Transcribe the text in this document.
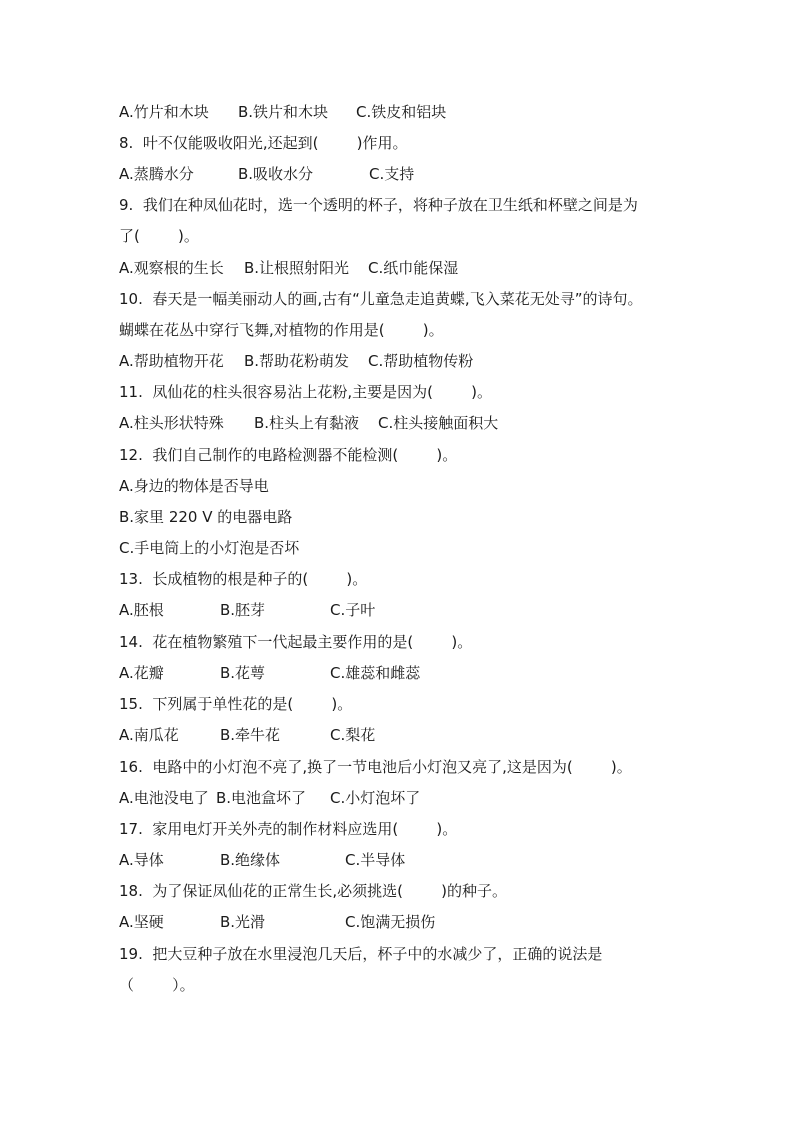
A.竹片和木块 B.铁片和木块 C.铁皮和铝块
8.  叶不仅能吸收阳光,还起到(        )作用。
A.蒸腾水分	B.吸收水分	C.支持
9.  我们在种凤仙花时，选一个透明的杯子，将种子放在卫生纸和杯壁之间是为
了(        )。
A.观察根的生长 B.让根照射阳光 C.纸巾能保湿
10.  春天是一幅美丽动人的画,古有“儿童急走追黄蝶,飞入菜花无处寻”的诗句。
蝴蝶在花丛中穿行飞舞,对植物的作用是(        )。
A.帮助植物开花 B.帮助花粉萌发 C.帮助植物传粉
11.  凤仙花的柱头很容易沾上花粉,主要是因为(        )。
A.柱头形状特殊 B.柱头上有黏液 C.柱头接触面积大
12.  我们自己制作的电路检测器不能检测(        )。
A.身边的物体是否导电
B.家里 220 V 的电器电路
C.手电筒上的小灯泡是否坏
13.  长成植物的根是种子的(        )。
A.胚根	B.胚芽	C.子叶
14.  花在植物繁殖下一代起最主要作用的是(        )。
A.花瓣	B.花萼	C.雄蕊和雌蕊
15.  下列属于单性花的是(        )。
A.南瓜花	B.牵牛花	C.梨花
16.  电路中的小灯泡不亮了,换了一节电池后小灯泡又亮了,这是因为(        )。
A.电池没电了 B.电池盒坏了 C.小灯泡坏了
17.  家用电灯开关外壳的制作材料应选用(        )。
A.导体	B.绝缘体	C.半导体
18.  为了保证凤仙花的正常生长,必须挑选(        )的种子。
A.坚硬	B.光滑	C.饱满无损伤
19.  把大豆种子放在水里浸泡几天后，杯子中的水减少了，正确的说法是
（        ）。
